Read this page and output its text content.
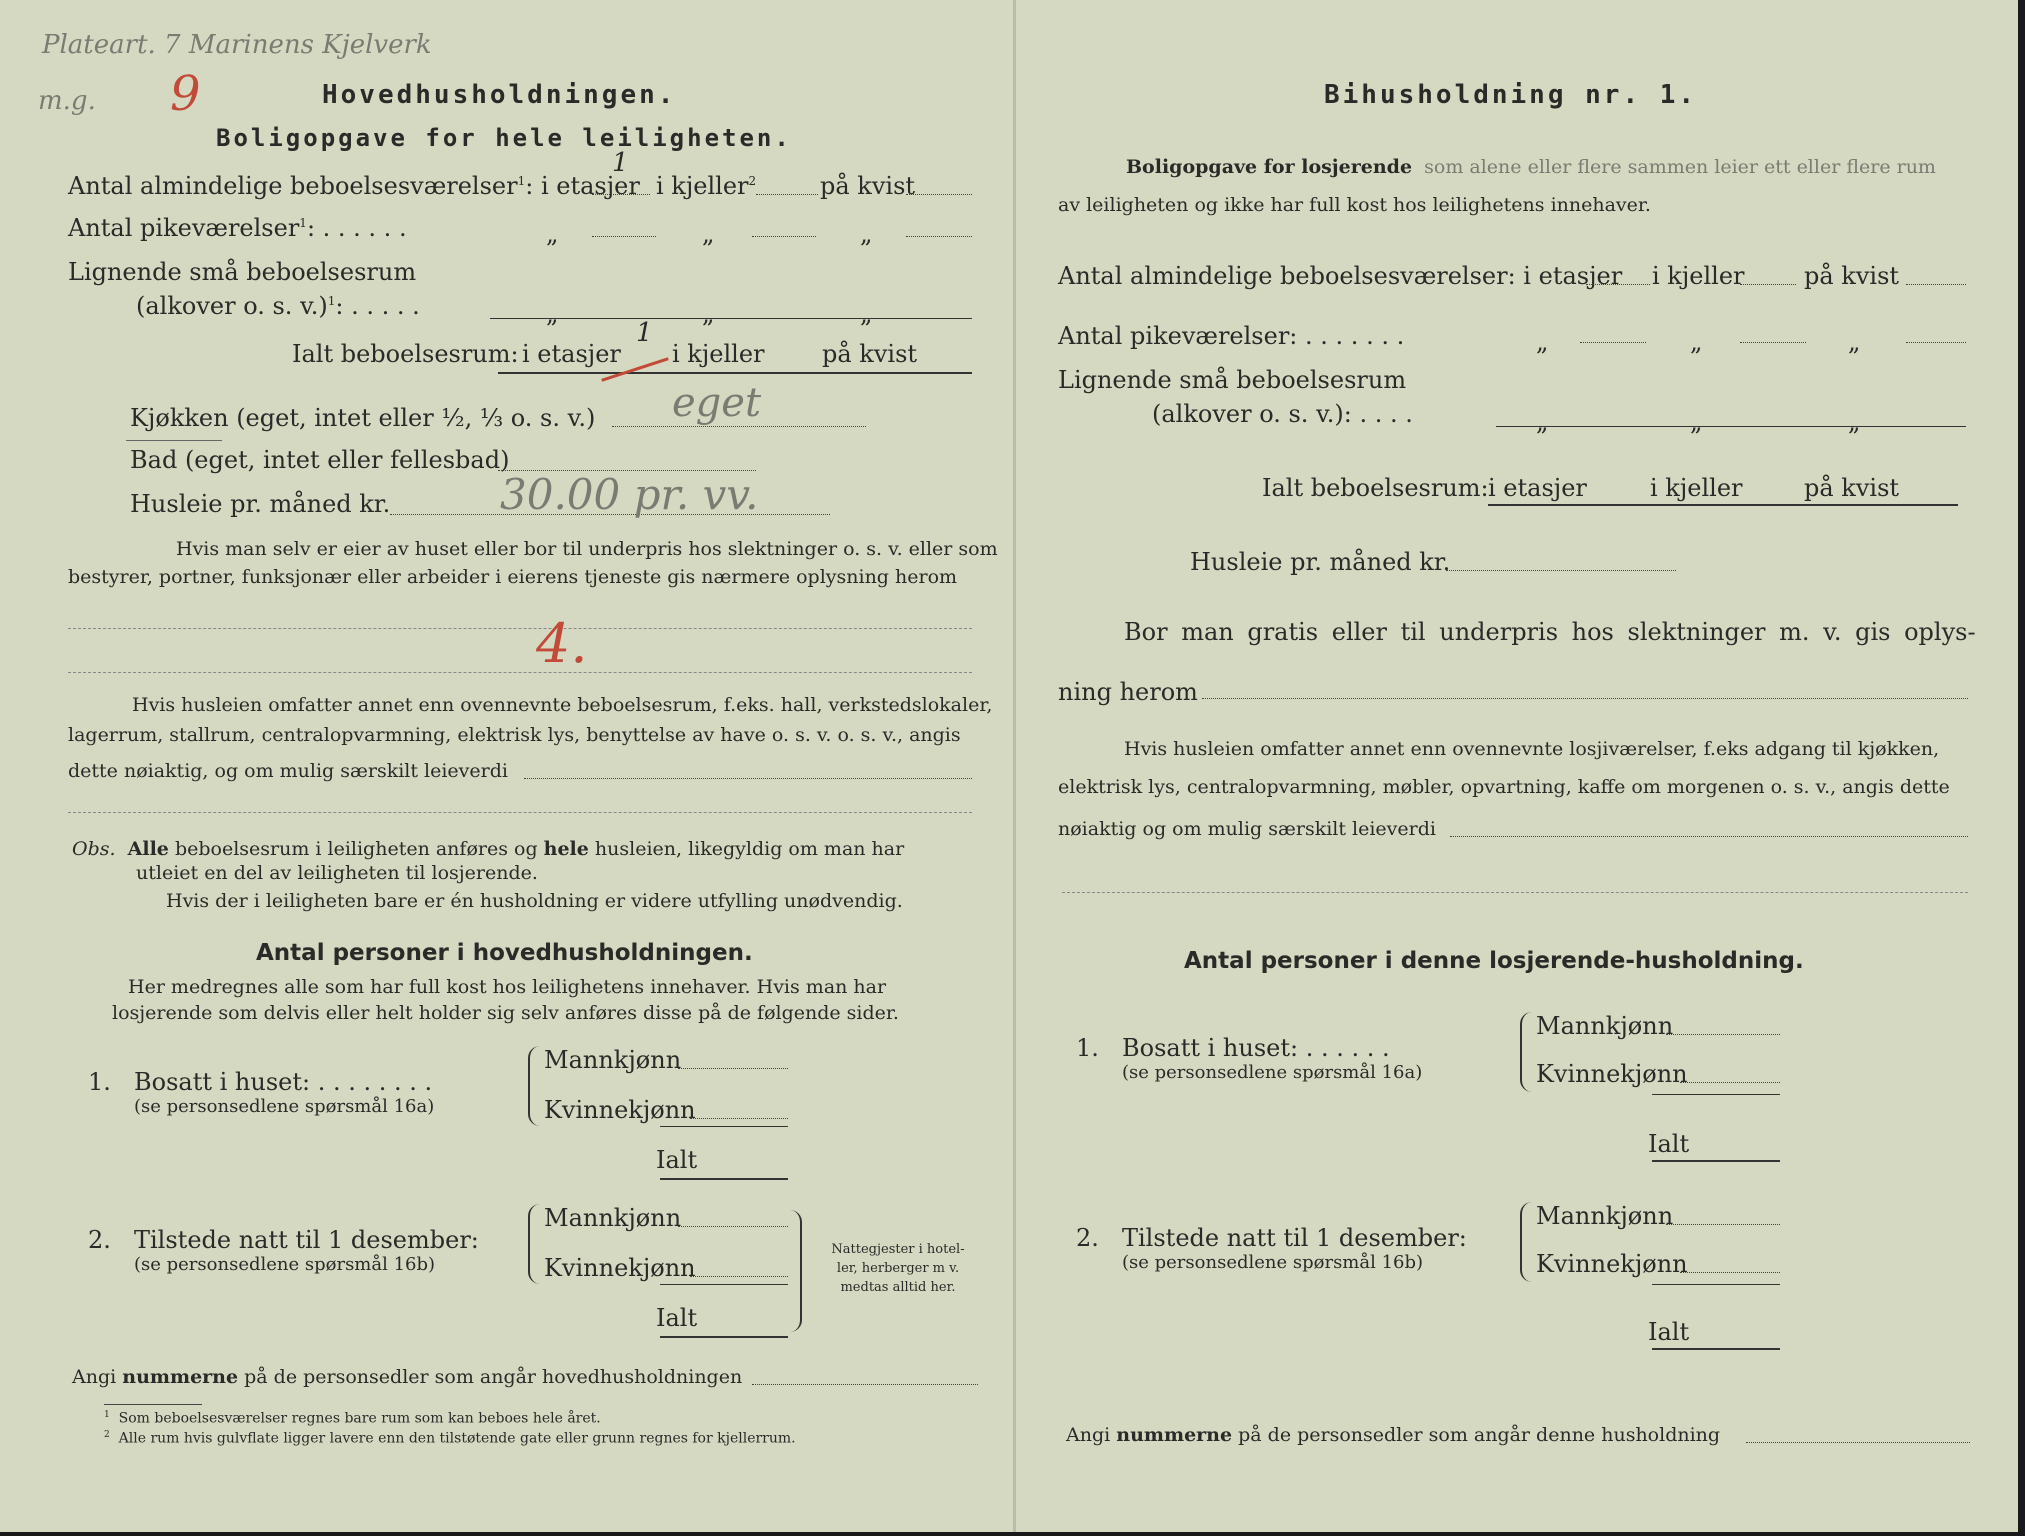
Plateart. 7 Marinens Kjelverk
m.g. 9	Hovedhusholdningen.
Boligopgave for hele leiligheten.
Antal almindelige beboelsesværelser$^1$: i etasjer
1
i kjeller$^2$	på kvist
Antal pikeværelser$^1$: . . . . . .	„	„	„
Lignende små beboelsesrum
(alkover o. s. v.)$^1$: . . . . .	„	„	„
Ialt beboelsesrum: i etasjer
1
i kjeller på kvist
Kjøkken (eget, intet eller ½, ⅓ o. s. v.) eget
Bad (eget, intet eller fellesbad)
Husleie pr. måned kr.	30.00 pr. vv.
Hvis man selv er eier av huset eller bor til underpris hos slektninger o. s. v. eller som
bestyrer, portner, funksjonær eller arbeider i eierens tjeneste gis nærmere oplysning herom
4.
Hvis husleien omfatter annet enn ovennevnte beboelsesrum, f.eks. hall, verkstedslokaler,
lagerrum, stallrum, centralopvarmning, elektrisk lys, benyttelse av have o. s. v. o. s. v., angis
dette nøiaktig, og om mulig særskilt leieverdi
Obs. Alle beboelsesrum i leiligheten anføres og hele husleien, likegyldig om man har
utleiet en del av leiligheten til losjerende.
Hvis der i leiligheten bare er én husholdning er videre utfylling unødvendig.
Antal personer i hovedhusholdningen.
Her medregnes alle som har full kost hos leilighetens innehaver. Hvis man har
losjerende som delvis eller helt holder sig selv anføres disse på de følgende sider.
1. Bosatt i huset: . . . . . . . .
(se personsedlene spørsmål 16a)
Mannkjønn
Kvinnekjønn
Ialt
2. Tilstede natt til 1 desember:
(se personsedlene spørsmål 16b)
Mannkjønn
Kvinnekjønn
Ialt
Nattegjester i hotel-
ler, herberger m v.
medtas alltid her.
Angi nummerne på de personsedler som angår hovedhusholdningen
$^1$ Som beboelsesværelser regnes bare rum som kan beboes hele året.
$^2$ Alle rum hvis gulvflate ligger lavere enn den tilstøtende gate eller grunn regnes for kjellerrum.
Bihusholdning nr. 1.
Boligopgave for losjerende som alene eller flere sammen leier ett eller flere rum
av leiligheten og ikke har full kost hos leilighetens innehaver.
Antal almindelige beboelsesværelser: i etasjer i kjeller på kvist
Antal pikeværelser: . . . . . . .	„	„	„
Lignende små beboelsesrum
(alkover o. s. v.): . . . .	„	„	„
Ialt beboelsesrum: i etasjer	i kjeller	på kvist
Husleie pr. måned kr.
Bor man gratis eller til underpris hos slektninger m. v. gis oplys-
ning herom
Hvis husleien omfatter annet enn ovennevnte losjiværelser, f.eks adgang til kjøkken,
elektrisk lys, centralopvarmning, møbler, opvartning, kaffe om morgenen o. s. v., angis dette
nøiaktig og om mulig særskilt leieverdi
Antal personer i denne losjerende-husholdning.
1. Bosatt i huset: . . . . . .
(se personsedlene spørsmål 16a)
Mannkjønn
Kvinnekjønn
Ialt
2. Tilstede natt til 1 desember:
(se personsedlene spørsmål 16b)
Mannkjønn
Kvinnekjønn
Ialt
Angi nummerne på de personsedler som angår denne husholdning
